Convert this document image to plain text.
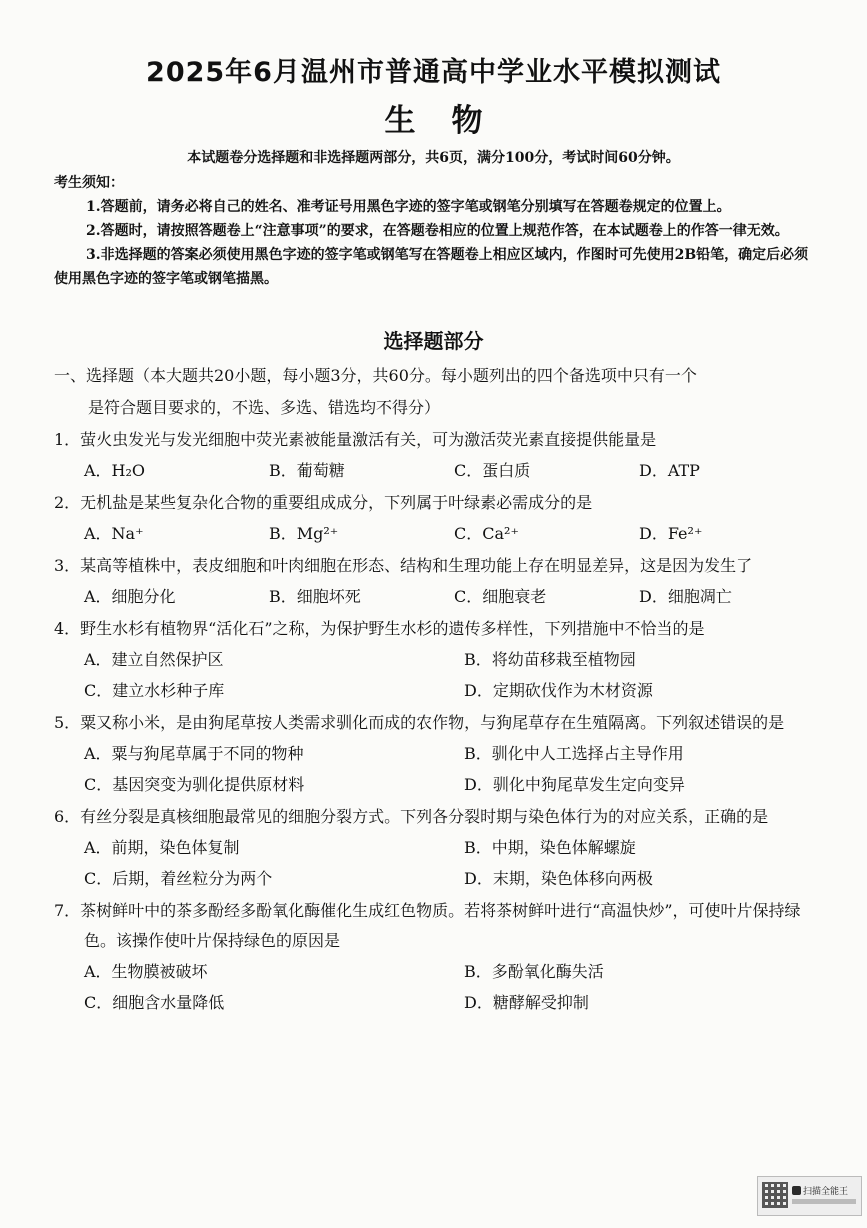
2025年6月温州市普通高中学业水平模拟测试
生物
本试题卷分选择题和非选择题两部分，共6页，满分100分，考试时间60分钟。

考生须知：

1.答题前，请务必将自己的姓名、准考证号用黑色字迹的签字笔或钢笔分别填写在答题卷规定的位置上。

2.答题时，请按照答题卷上“注意事项”的要求，在答题卷相应的位置上规范作答，在本试题卷上的作答一律无效。

3.非选择题的答案必须使用黑色字迹的签字笔或钢笔写在答题卷上相应区域内，作图时可先使用2B铅笔，确定后必须使用黑色字迹的签字笔或钢笔描黑。

选择题部分
一、选择题（本大题共20小题，每小题3分，共60分。每小题列出的四个备选项中只有一个
是符合题目要求的，不选、多选、错选均不得分）
1．萤火虫发光与发光细胞中荧光素被能量激活有关，可为激活荧光素直接提供能量是
A．H₂O	B．葡萄糖	C．蛋白质	D．ATP
2．无机盐是某些复杂化合物的重要组成成分，下列属于叶绿素必需成分的是
A．Na⁺	B．Mg²⁺	C．Ca²⁺	D．Fe²⁺
3．某高等植株中，表皮细胞和叶肉细胞在形态、结构和生理功能上存在明显差异，这是因为发生了
A．细胞分化	B．细胞坏死	C．细胞衰老	D．细胞凋亡
4．野生水杉有植物界“活化石”之称，为保护野生水杉的遗传多样性，下列措施中不恰当的是
A．建立自然保护区	B．将幼苗移栽至植物园
C．建立水杉种子库	D．定期砍伐作为木材资源
5．粟又称小米，是由狗尾草按人类需求驯化而成的农作物，与狗尾草存在生殖隔离。下列叙述错误的是
A．粟与狗尾草属于不同的物种	B．驯化中人工选择占主导作用
C．基因突变为驯化提供原材料	D．驯化中狗尾草发生定向变异
6．有丝分裂是真核细胞最常见的细胞分裂方式。下列各分裂时期与染色体行为的对应关系，正确的是
A．前期，染色体复制	B．中期，染色体解螺旋
C．后期，着丝粒分为两个	D．末期，染色体移向两极
7．茶树鲜叶中的茶多酚经多酚氧化酶催化生成红色物质。若将茶树鲜叶进行“高温快炒”，可使叶片保持绿色。该操作使叶片保持绿色的原因是
A．生物膜被破坏	B．多酚氧化酶失活
C．细胞含水量降低	D．糖酵解受抑制
扫描全能王
